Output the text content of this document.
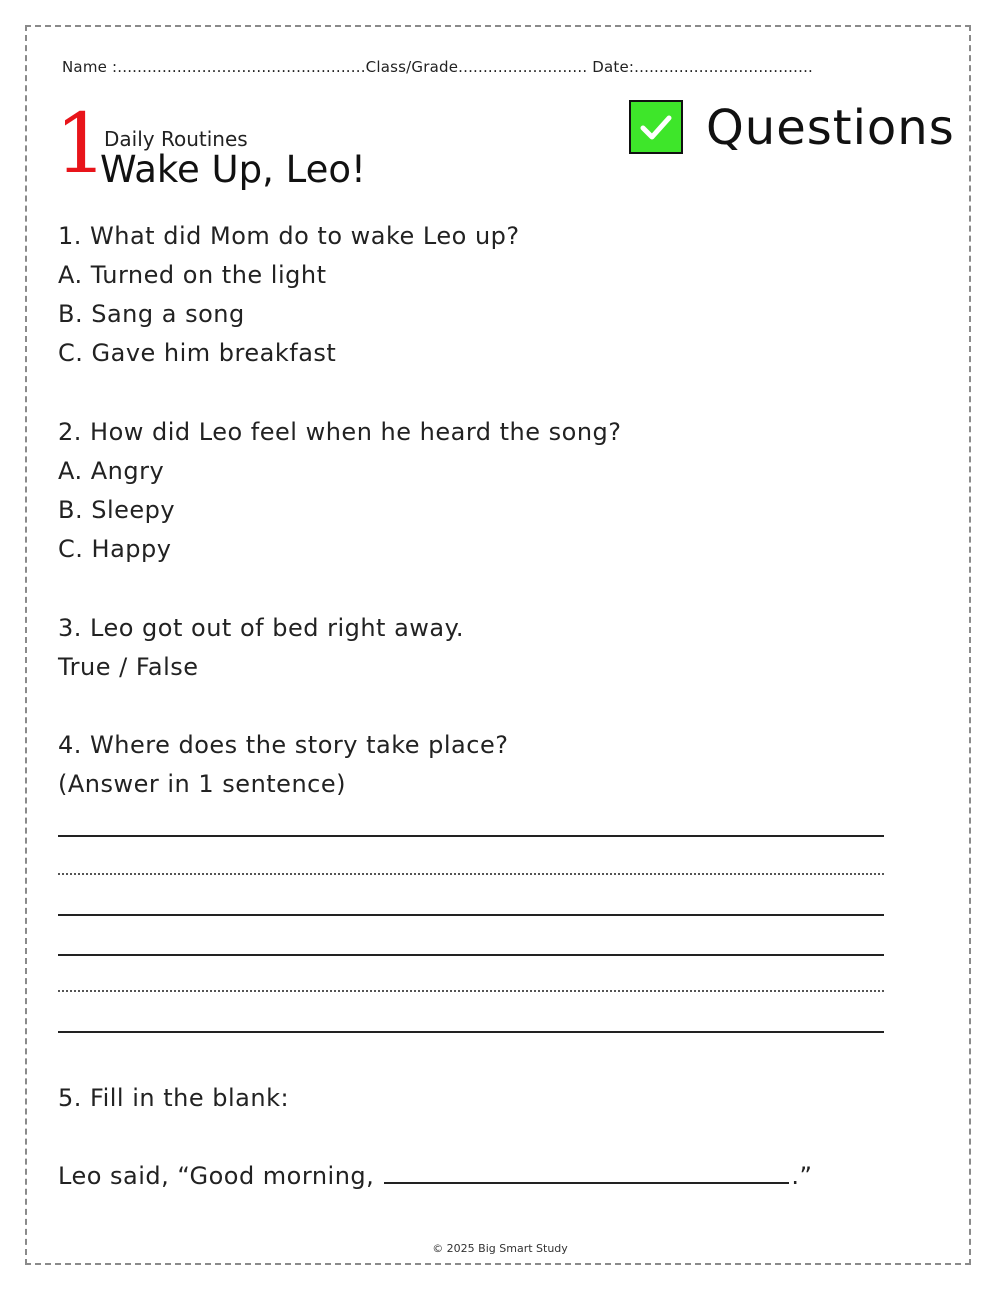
Name :..................................................Class/Grade.......................... Date:....................................
1
Daily Routines
Wake Up, Leo!
Questions
1. What did Mom do to wake Leo up?
A. Turned on the light
B. Sang a song
C. Gave him breakfast
2. How did Leo feel when he heard the song?
A. Angry
B. Sleepy
C. Happy
3. Leo got out of bed right away.
True / False
4. Where does the story take place?
(Answer in 1 sentence)
5. Fill in the blank:
Leo said, “Good morning,	.”
© 2025 Big Smart Study
